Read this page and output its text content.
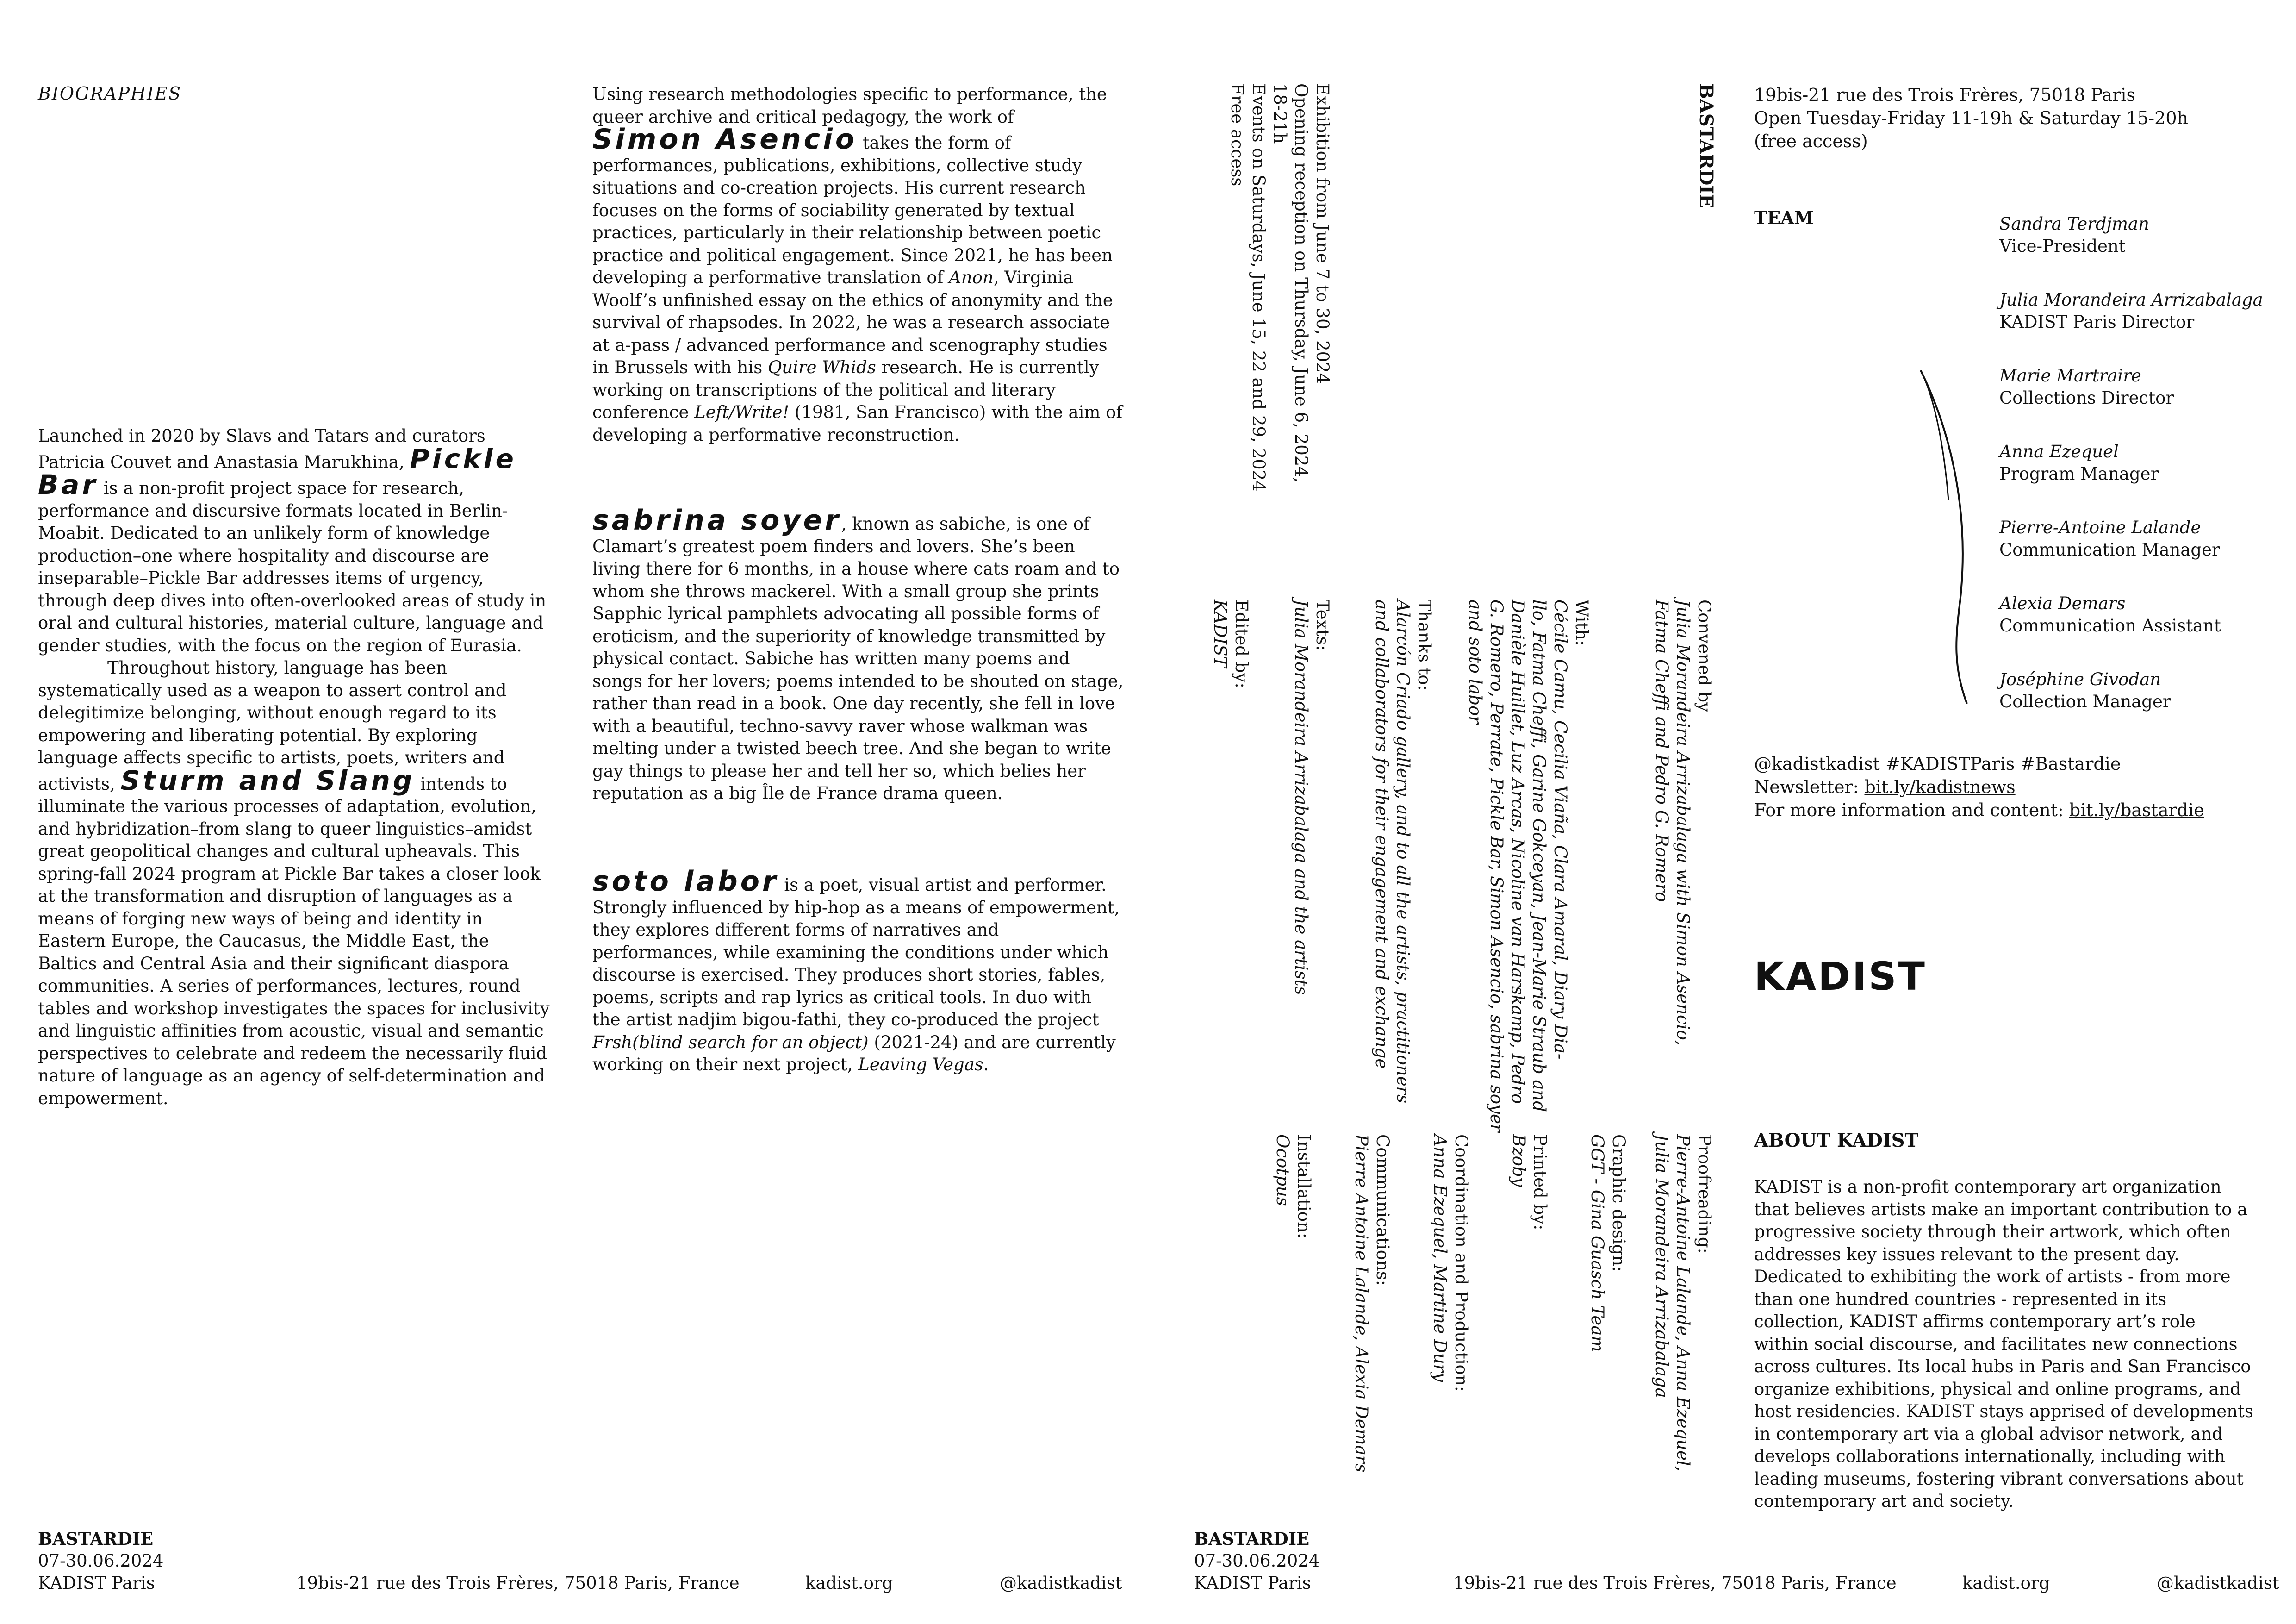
BIOGRAPHIES
Launched in 2020 by Slavs and Tatars and curators Patricia Couvet and Anastasia Marukhina, Pickle Bar is a non-profit project space for research, performance and discursive formats located in Berlin-Moabit. Dedicated to an unlikely form of knowledge production–one where hospitality and discourse are inseparable–Pickle Bar addresses items of urgency, through deep dives into often-overlooked areas of study in oral and cultural histories, material culture, language and gender studies, with the focus on the region of Eurasia.
Throughout history, language has been systematically used as a weapon to assert control and delegitimize belonging, without enough regard to its empowering and liberating potential. By exploring language affects specific to artists, poets, writers and activists, Sturm and Slang intends to illuminate the various processes of adaptation, evolution, and hybridization–from slang to queer linguistics–amidst great geopolitical changes and cultural upheavals. This spring-fall 2024 program at Pickle Bar takes a closer look at the transformation and disruption of languages as a means of forging new ways of being and identity in Eastern Europe, the Caucasus, the Middle East, the Baltics and Central Asia and their significant diaspora communities. A series of performances, lectures, round tables and workshop investigates the spaces for inclusivity and linguistic affinities from acoustic, visual and semantic perspectives to celebrate and redeem the necessarily fluid nature of language as an agency of self-determination and empowerment.
Using research methodologies specific to performance, the queer archive and critical pedagogy, the work of Simon Asencio takes the form of performances, publications, exhibitions, collective study situations and co-creation projects. His current research focuses on the forms of sociability generated by textual practices, particularly in their relationship between poetic practice and political engagement. Since 2021, he has been developing a performative translation of Anon, Virginia Woolf’s unfinished essay on the ethics of anonymity and the survival of rhapsodes. In 2022, he was a research associate at a-pass / advanced performance and scenography studies in Brussels with his Quire Whids research. He is currently working on transcriptions of the political and literary conference Left/Write! (1981, San Francisco) with the aim of developing a performative reconstruction.
sabrina soyer, known as sabiche, is one of Clamart’s greatest poem finders and lovers. She’s been living there for 6 months, in a house where cats roam and to whom she throws mackerel. With a small group she prints Sapphic lyrical pamphlets advocating all possible forms of eroticism, and the superiority of knowledge transmitted by physical contact. Sabiche has written many poems and songs for her lovers; poems intended to be shouted on stage, rather than read in a book. One day recently, she fell in love with a beautiful, techno-savvy raver whose walkman was melting under a twisted beech tree. And she began to write gay things to please her and tell her so, which belies her reputation as a big Île de France drama queen.
soto labor is a poet, visual artist and performer. Strongly influenced by hip-hop as a means of empowerment, they explores different forms of narratives and performances, while examining the conditions under which discourse is exercised. They produces short stories, fables, poems, scripts and rap lyrics as critical tools. In duo with the artist nadjim bigou-fathi, they co-produced the project Frsh(blind search for an object) (2021-24) and are currently working on their next project, Leaving Vegas.
BASTARDIE
Exhibition from June 7 to 30, 2024
Opening reception on Thursday, June 6, 2024,
18-21h
Events on Saturdays, June 15, 22 and 29, 2024
Free access
Convened by
Julia Morandeira Arrizabalaga with Simon Asencio,
Fatma Cheffi and Pedro G. Romero
With:
Cécile Camu, Cecilia Viaña, Clara Amaral, Diary Dia-
llo, Fatma Cheffi, Garine Gokceyan, Jean-Marie Straub and
Danièle Huillet, Luz Arcas, Nicoline van Harskamp, Pedro
G. Romero, Perrate, Pickle Bar, Simon Asencio, sabrina soyer
and soto labor
Thanks to:
Alarcón Criado gallery, and to all the artists, practitioners
and collaborators for their engagement and exchange
Texts:
Julia Morandeira Arrizabalaga and the artists
Edited by:
KADIST
Proofreading:
Pierre-Antoine Lalande, Anna Ezequel,
Julia Morandeira Arrizabalaga
Graphic design:
GGT - Gina Guasch Team
Printed by:
Bzoby
Coordination and Production:
Anna Ezequel, Martine Dury
Communications:
Pierre Antoine Lalande, Alexia Demars
Installation:
Ocotpus
19bis-21 rue des Trois Frères, 75018 Paris
Open Tuesday-Friday 11-19h & Saturday 15-20h
(free access)
TEAM	Sandra Terdjman
Vice-President
Julia Morandeira Arrizabalaga
KADIST Paris Director
Marie Martraire
Collections Director
Anna Ezequel
Program Manager
Pierre-Antoine Lalande
Communication Manager
Alexia Demars
Communication Assistant
Joséphine Givodan
Collection Manager
@kadistkadist #KADISTParis #Bastardie
Newsletter: bit.ly/kadistnews
For more information and content: bit.ly/bastardie
KADIST
ABOUT KADIST
KADIST is a non-profit contemporary art organization that believes artists make an important contribution to a progressive society through their artwork, which often addresses key issues relevant to the present day. Dedicated to exhibiting the work of artists - from more than one hundred countries - represented in its collection, KADIST affirms contemporary art’s role within social discourse, and facilitates new connections across cultures. Its local hubs in Paris and San Francisco organize exhibitions, physical and online programs, and host residencies. KADIST stays apprised of developments in contemporary art via a global advisor network, and develops collaborations internationally, including with leading museums, fostering vibrant conversations about contemporary art and society.
BASTARDIE
07-30.06.2024
KADIST Paris	19bis-21 rue des Trois Frères, 75018 Paris, France	kadist.org	@kadistkadist
BASTARDIE
07-30.06.2024
KADIST Paris	19bis-21 rue des Trois Frères, 75018 Paris, France	kadist.org	@kadistkadist
